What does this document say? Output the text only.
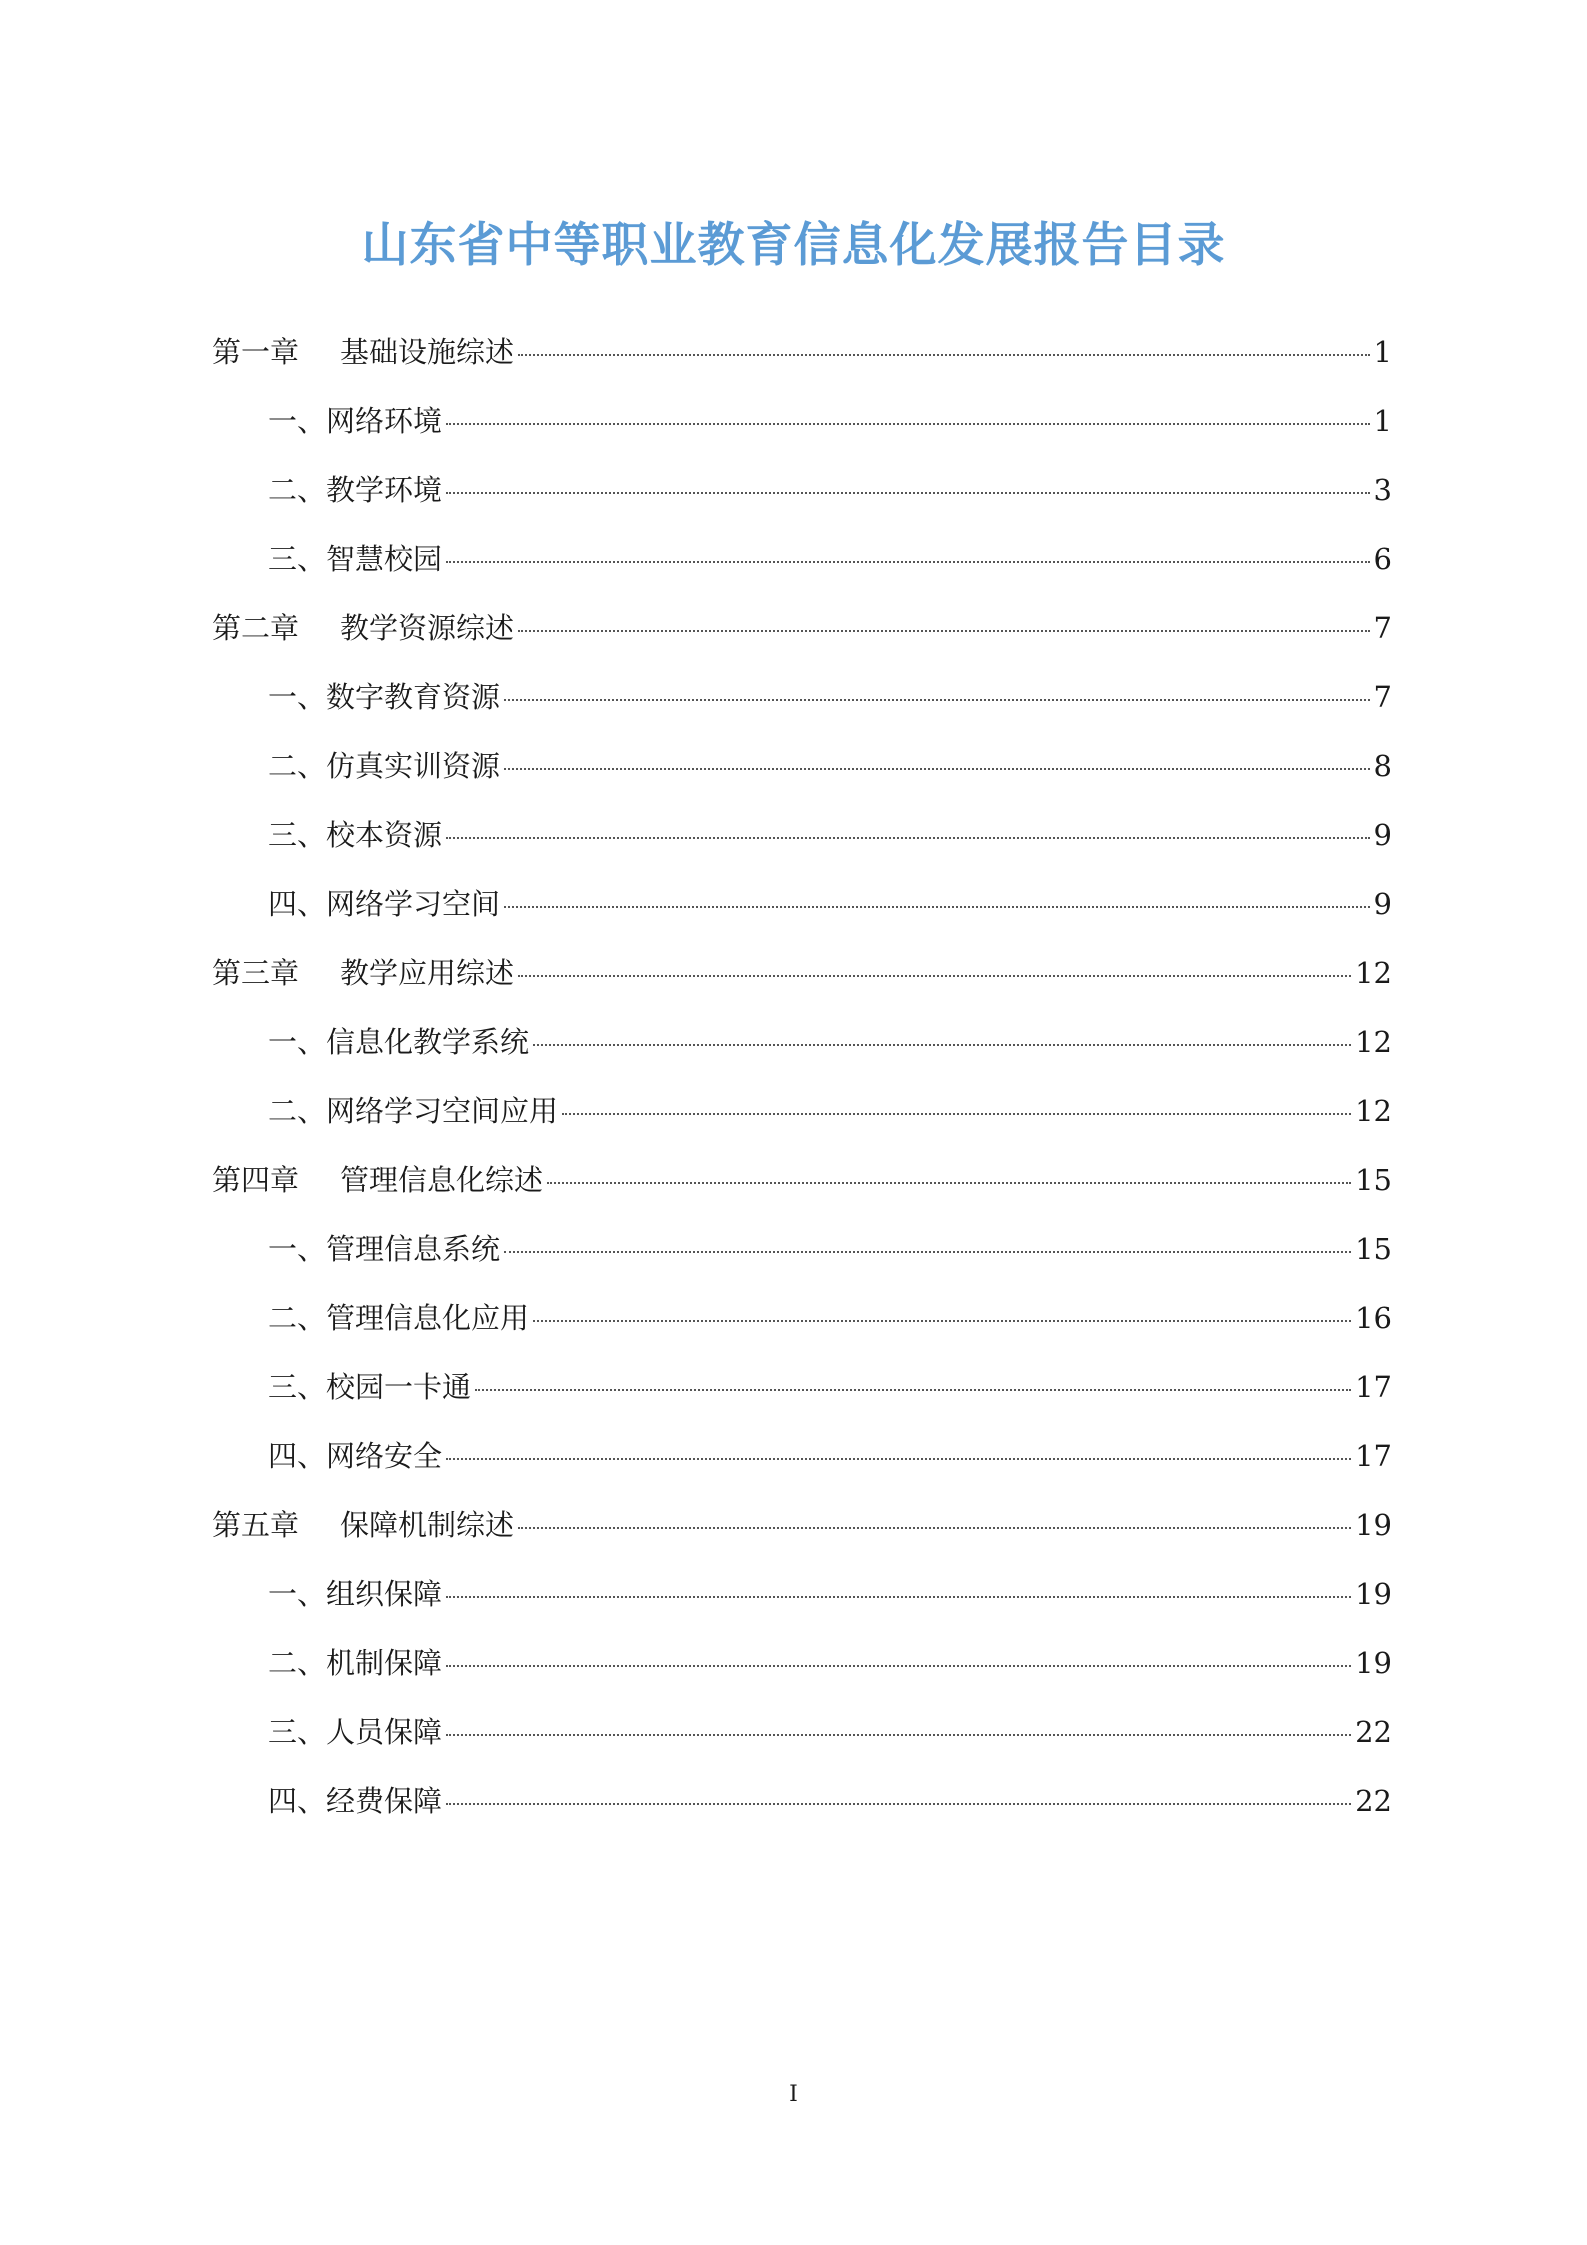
山东省中等职业教育信息化发展报告目录
第一章	基础设施综述	1
一、 网络环境	1
二、 教学环境	3
三、 智慧校园	6
第二章	教学资源综述	7
一、 数字教育资源	7
二、 仿真实训资源	8
三、 校本资源	9
四、 网络学习空间	9
第三章	教学应用综述	12
一、 信息化教学系统	12
二、 网络学习空间应用	12
第四章	管理信息化综述	15
一、 管理信息系统	15
二、 管理信息化应用	16
三、 校园一卡通	17
四、 网络安全	17
第五章	保障机制综述	19
一、 组织保障	19
二、 机制保障	19
三、 人员保障	22
四、 经费保障	22
I
